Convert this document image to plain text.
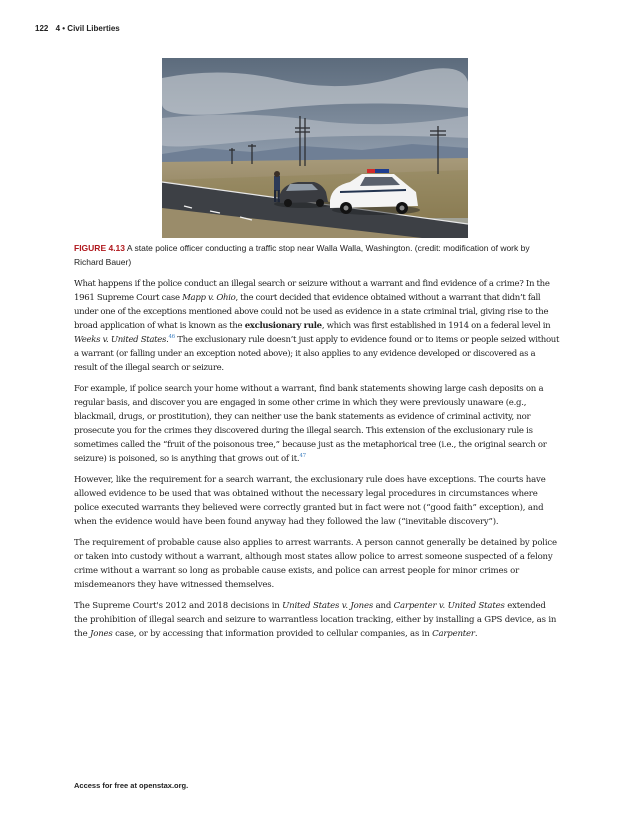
122 4 • Civil Liberties
FIGURE 4.13 A state police officer conducting a traffic stop near Walla Walla, Washington. (credit: modification of work by Richard Bauer)

What happens if the police conduct an illegal search or seizure without a warrant and find evidence of a crime? In the 1961 Supreme Court case Mapp v. Ohio, the court decided that evidence obtained without a warrant that didn’t fall under one of the exceptions mentioned above could not be used as evidence in a state criminal trial, giving rise to the broad application of what is known as the exclusionary rule, which was first established in 1914 on a federal level in Weeks v. United States.$^{46}$ The exclusionary rule doesn’t just apply to evidence found or to items or people seized without a warrant (or falling under an exception noted above); it also applies to any evidence developed or discovered as a result of the illegal search or seizure.

For example, if police search your home without a warrant, find bank statements showing large cash deposits on a regular basis, and discover you are engaged in some other crime in which they were previously unaware (e.g., blackmail, drugs, or prostitution), they can neither use the bank statements as evidence of criminal activity, nor prosecute you for the crimes they discovered during the illegal search. This extension of the exclusionary rule is sometimes called the “fruit of the poisonous tree,” because just as the metaphorical tree (i.e., the original search or seizure) is poisoned, so is anything that grows out of it.$^{47}$

However, like the requirement for a search warrant, the exclusionary rule does have exceptions. The courts have allowed evidence to be used that was obtained without the necessary legal procedures in circumstances where police executed warrants they believed were correctly granted but in fact were not (“good faith” exception), and when the evidence would have been found anyway had they followed the law (“inevitable discovery”).

The requirement of probable cause also applies to arrest warrants. A person cannot generally be detained by police or taken into custody without a warrant, although most states allow police to arrest someone suspected of a felony crime without a warrant so long as probable cause exists, and police can arrest people for minor crimes or misdemeanors they have witnessed themselves.

The Supreme Court's 2012 and 2018 decisions in United States v. Jones and Carpenter v. United States extended the prohibition of illegal search and seizure to warrantless location tracking, either by installing a GPS device, as in the Jones case, or by accessing that information provided to cellular companies, as in Carpenter.

Access for free at openstax.org.
